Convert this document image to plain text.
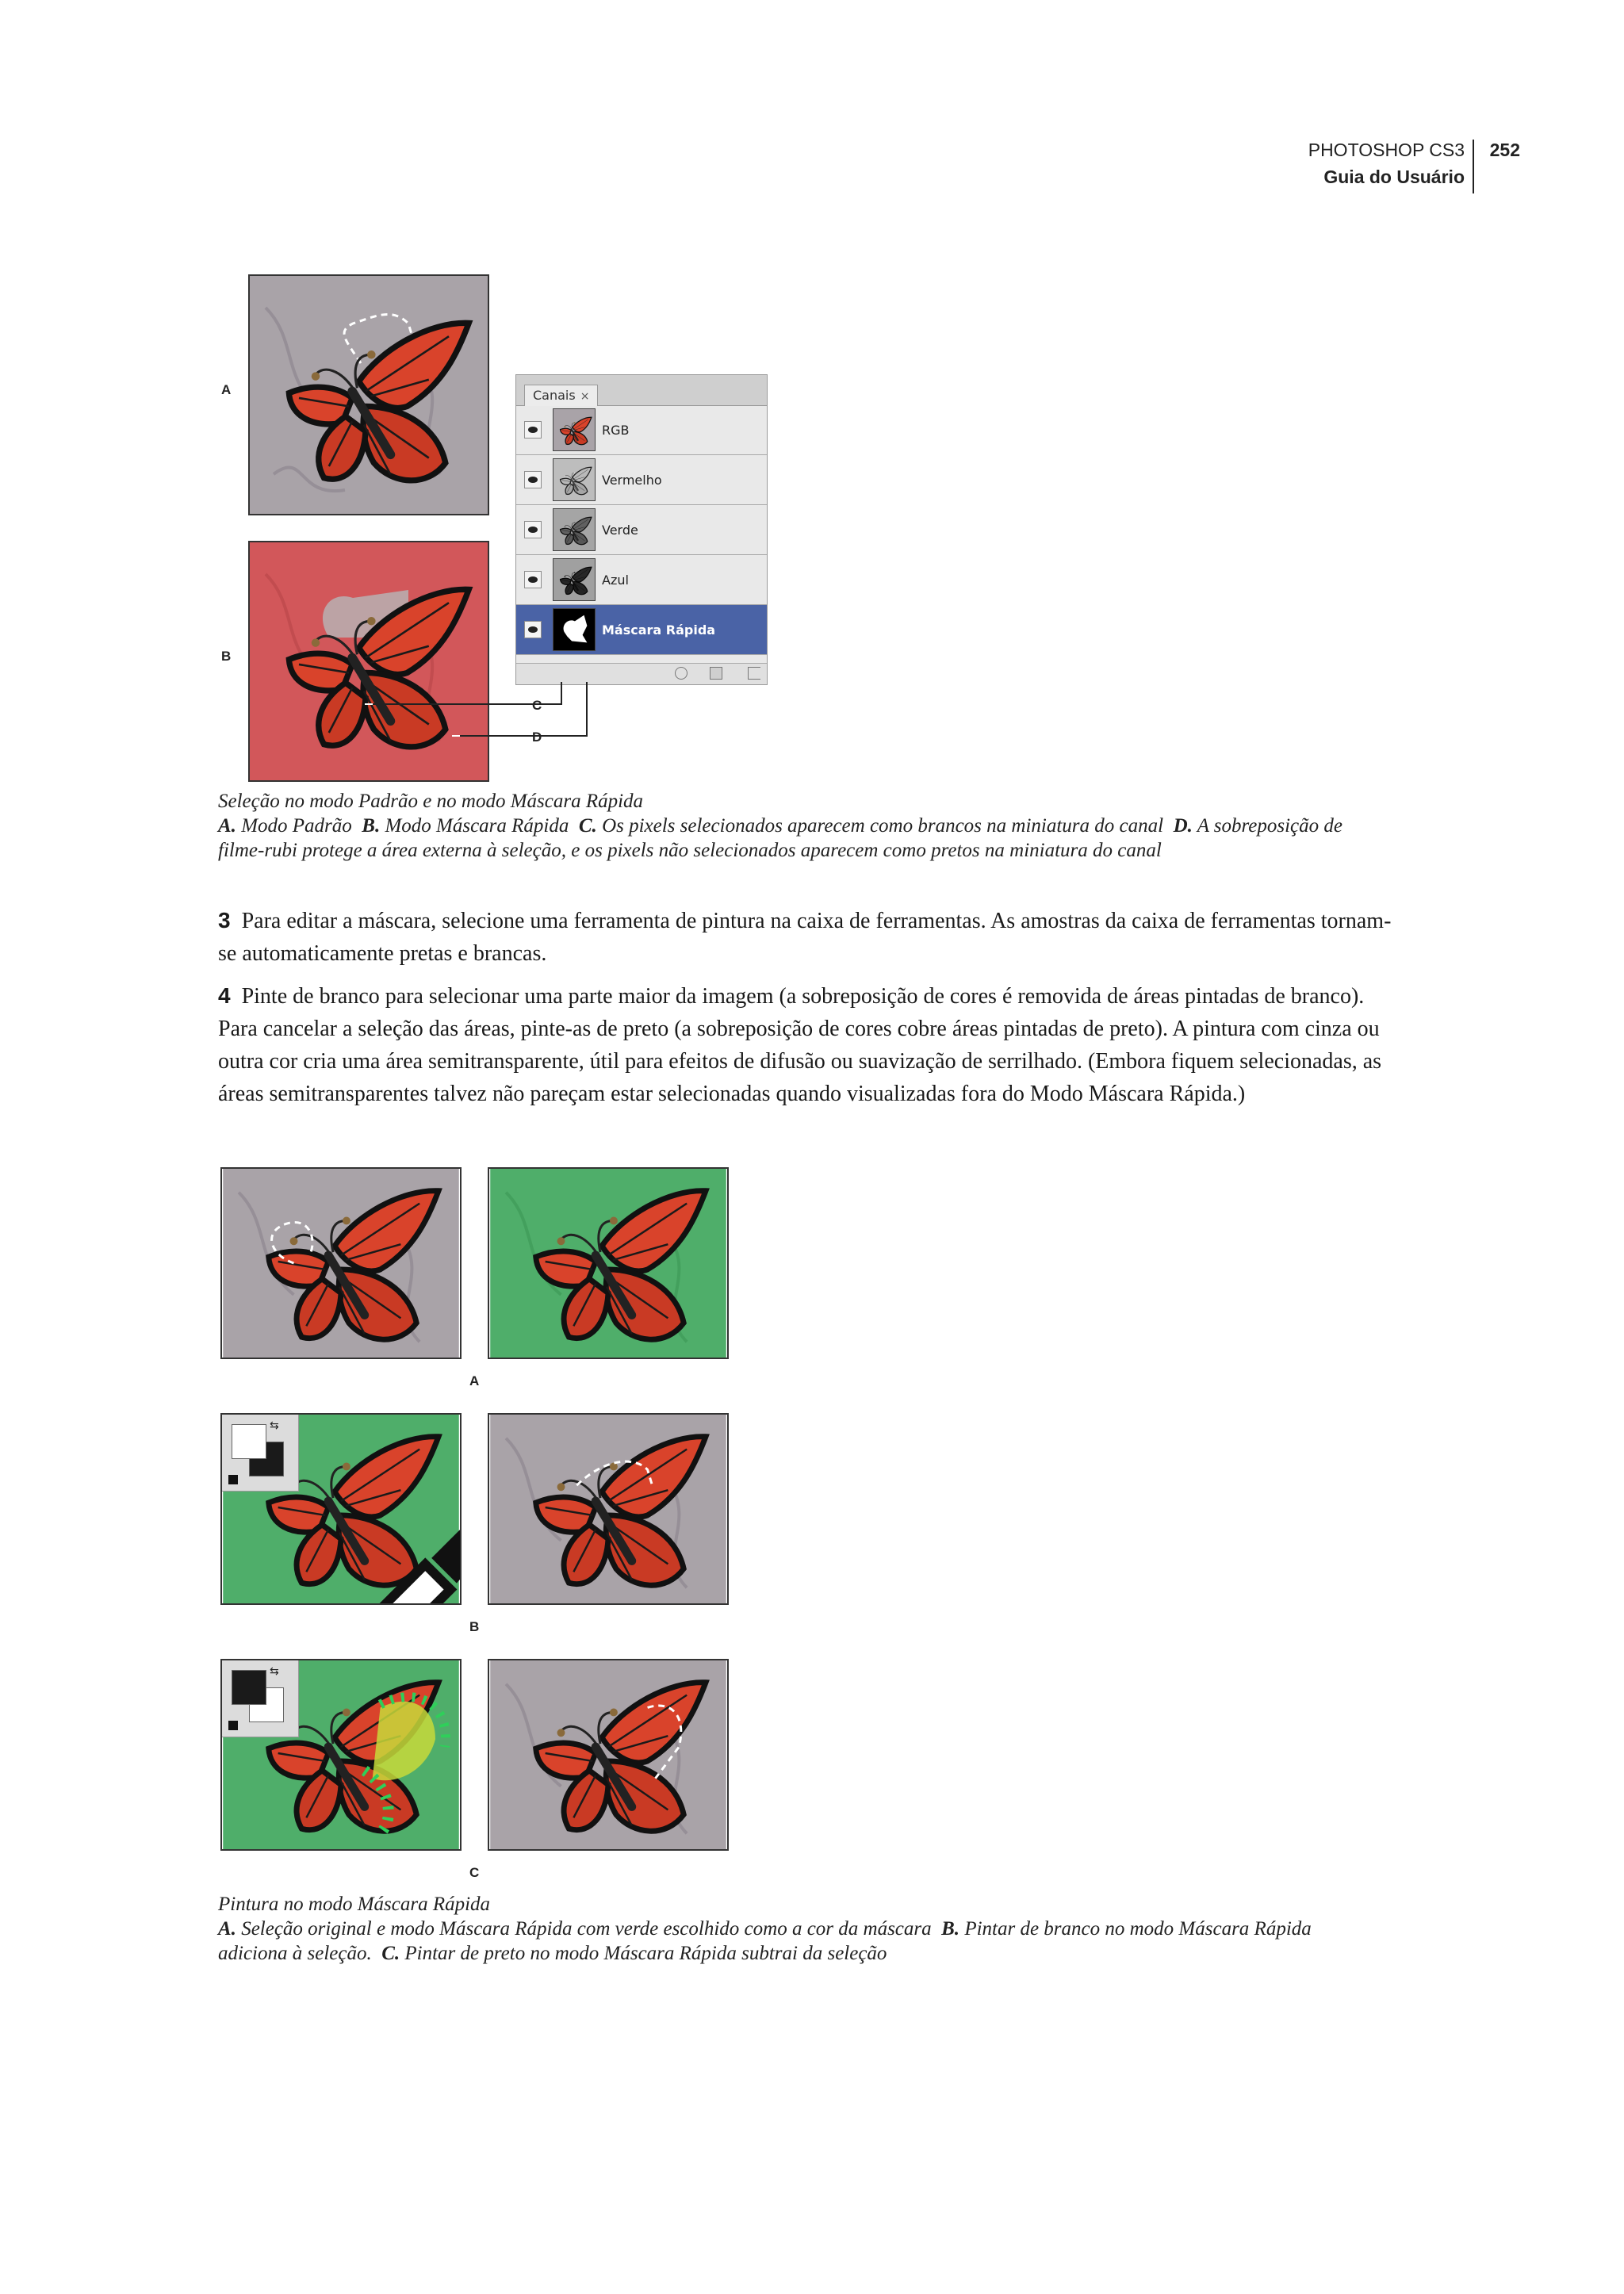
PHOTOSHOP CS3
Guia do Usuário
252
A
B
Canais ×
RGB
Vermelho
Verde
Azul
Máscara Rápida
C
D
Seleção no modo Padrão e no modo Máscara Rápida
A. Modo Padrão B. Modo Máscara Rápida C. Os pixels selecionados aparecem como brancos na miniatura do canal D. A sobreposição de
filme-rubi protege a área externa à seleção, e os pixels não selecionados aparecem como pretos na miniatura do canal
3 Para editar a máscara, selecione uma ferramenta de pintura na caixa de ferramentas. As amostras da caixa de ferramentas tornam-se automaticamente pretas e brancas.
4 Pinte de branco para selecionar uma parte maior da imagem (a sobreposição de cores é removida de áreas pintadas de branco). Para cancelar a seleção das áreas, pinte-as de preto (a sobreposição de cores cobre áreas pintadas de preto). A pintura com cinza ou outra cor cria uma área semitransparente, útil para efeitos de difusão ou suavização de serrilhado. (Embora fiquem selecionadas, as áreas semitransparentes talvez não pareçam estar selecionadas quando visualizadas fora do Modo Máscara Rápida.)
A
⇆
B
⇆
C
Pintura no modo Máscara Rápida
A. Seleção original e modo Máscara Rápida com verde escolhido como a cor da máscara B. Pintar de branco no modo Máscara Rápida
adiciona à seleção. C. Pintar de preto no modo Máscara Rápida subtrai da seleção
